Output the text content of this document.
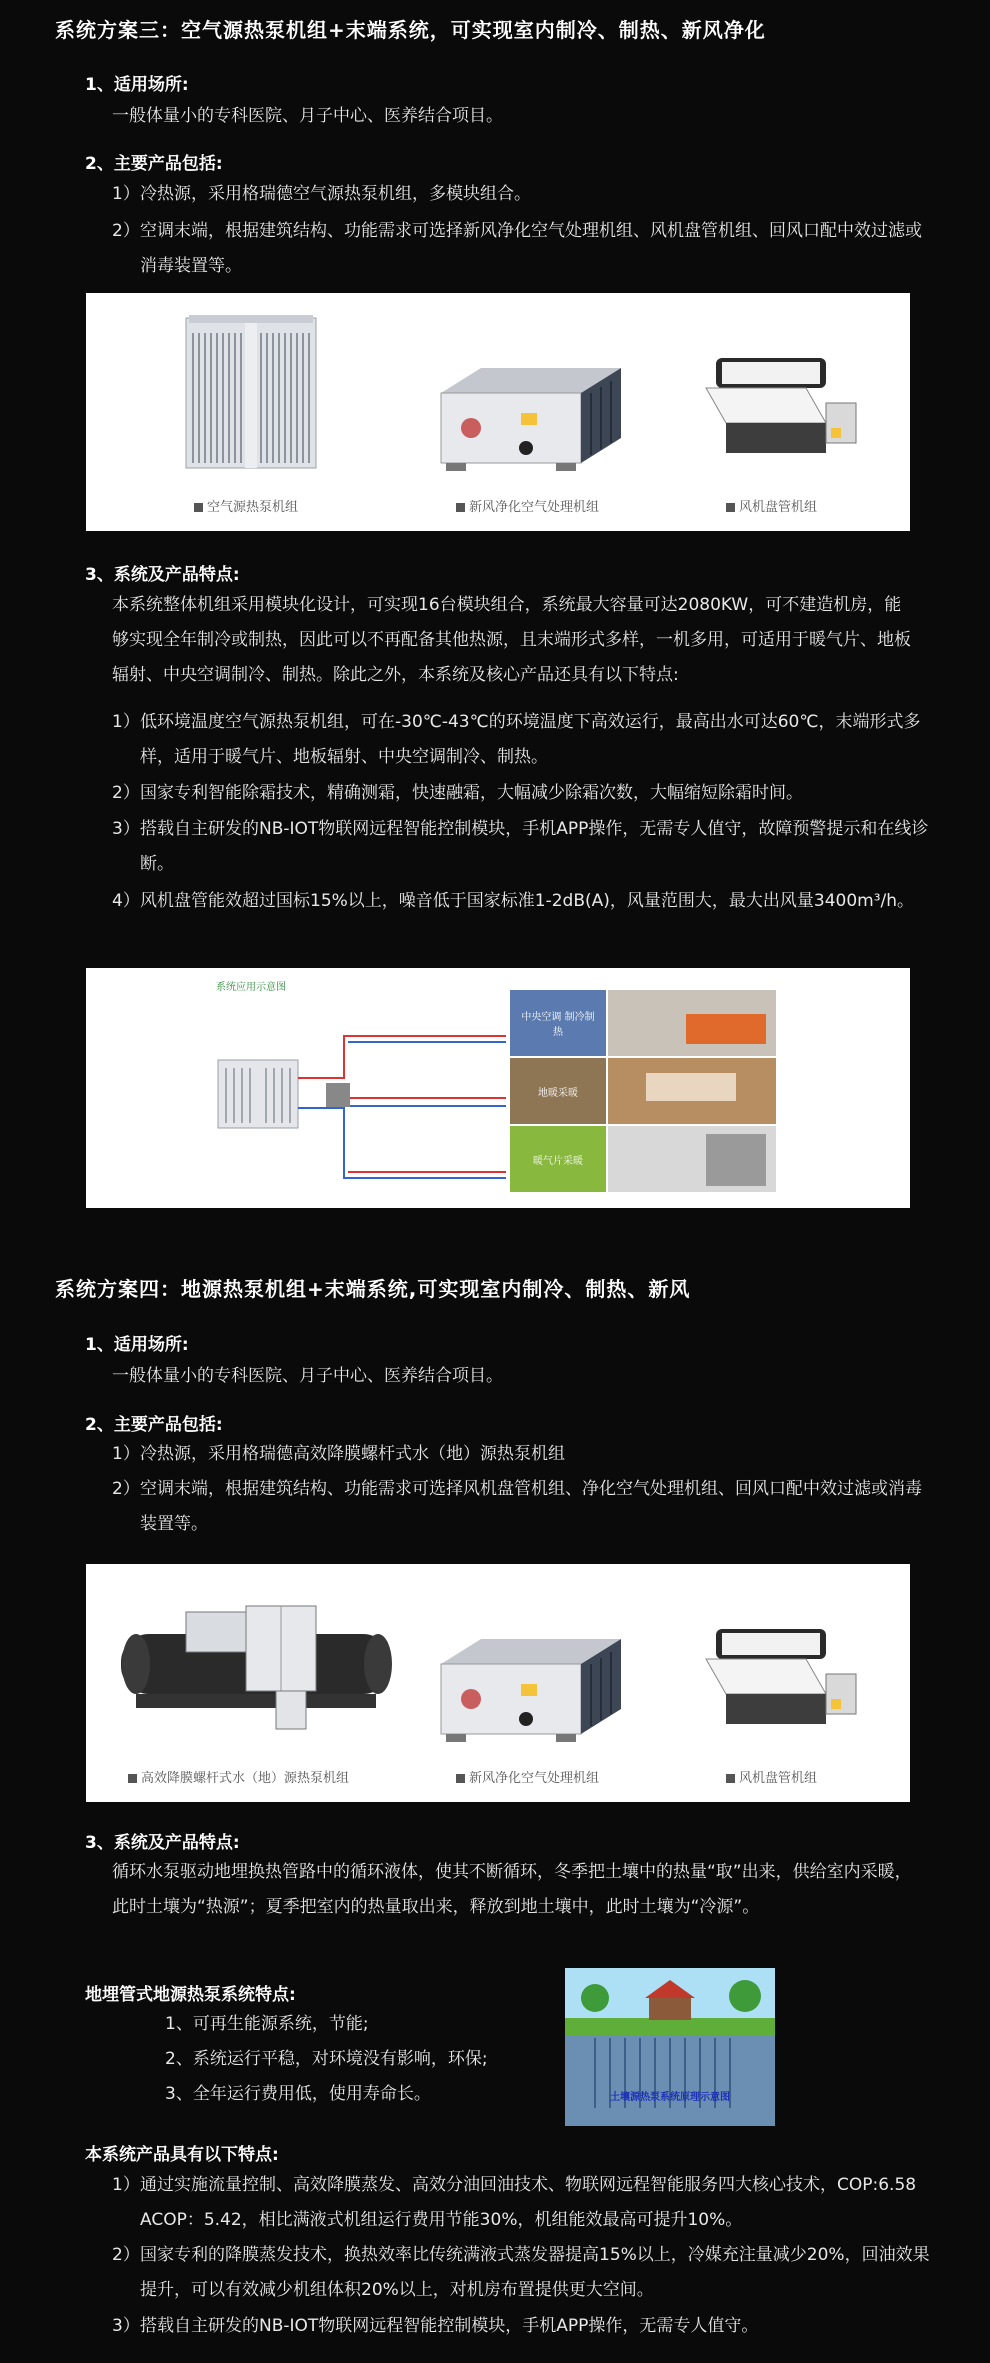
系统方案三：空气源热泵机组+末端系统，可实现室内制冷、制热、新风净化
1、适用场所:
一般体量小的专科医院、月子中心、医养结合项目。
2、主要产品包括:
1） 冷热源，采用格瑞德空气源热泵机组，多模块组合。
2） 空调末端，根据建筑结构、功能需求可选择新风净化空气处理机组、风机盘管机组、回风口配中效过滤或消毒装置等。
空气源热泵机组	新风净化空气处理机组	风机盘管机组
3、系统及产品特点:
本系统整体机组采用模块化设计，可实现16台模块组合，系统最大容量可达2080KW，可不建造机房，能够实现全年制冷或制热，因此可以不再配备其他热源，且末端形式多样，一机多用，可适用于暖气片、地板辐射、中央空调制冷、制热。除此之外，本系统及核心产品还具有以下特点:
1） 低环境温度空气源热泵机组，可在-30℃-43℃的环境温度下高效运行，最高出水可达60℃，末端形式多样，适用于暖气片、地板辐射、中央空调制冷、制热。
2） 国家专利智能除霜技术，精确测霜，快速融霜，大幅减少除霜次数，大幅缩短除霜时间。
3） 搭载自主研发的NB-IOT物联网远程智能控制模块，手机APP操作，无需专人值守，故障预警提示和在线诊断。
4） 风机盘管能效超过国标15%以上，噪音低于国家标准1-2dB(A)，风量范围大，最大出风量3400m³/h。
系统应用示意图
中央空调 制冷制热
地暖采暖
暖气片采暖
系统方案四：地源热泵机组+末端系统,可实现室内制冷、制热、新风
1、适用场所:
一般体量小的专科医院、月子中心、医养结合项目。
2、主要产品包括:
1） 冷热源，采用格瑞德高效降膜螺杆式水（地）源热泵机组
2） 空调末端，根据建筑结构、功能需求可选择风机盘管机组、净化空气处理机组、回风口配中效过滤或消毒装置等。
高效降膜螺杆式水（地）源热泵机组	新风净化空气处理机组	风机盘管机组
3、系统及产品特点:
循环水泵驱动地埋换热管路中的循环液体，使其不断循环，冬季把土壤中的热量“取”出来，供给室内采暖，此时土壤为“热源”；夏季把室内的热量取出来，释放到地土壤中，此时土壤为“冷源”。
地埋管式地源热泵系统特点:
1、可再生能源系统，节能;
2、系统运行平稳，对环境没有影响，环保;
3、全年运行费用低，使用寿命长。	土壤源热泵系统原理示意图
本系统产品具有以下特点:
1） 通过实施流量控制、高效降膜蒸发、高效分油回油技术、物联网远程智能服务四大核心技术，COP:6.58 ACOP：5.42，相比满液式机组运行费用节能30%，机组能效最高可提升10%。
2） 国家专利的降膜蒸发技术，换热效率比传统满液式蒸发器提高15%以上，冷媒充注量减少20%，回油效果提升，可以有效减少机组体积20%以上，对机房布置提供更大空间。
3） 搭载自主研发的NB-IOT物联网远程智能控制模块，手机APP操作，无需专人值守。
